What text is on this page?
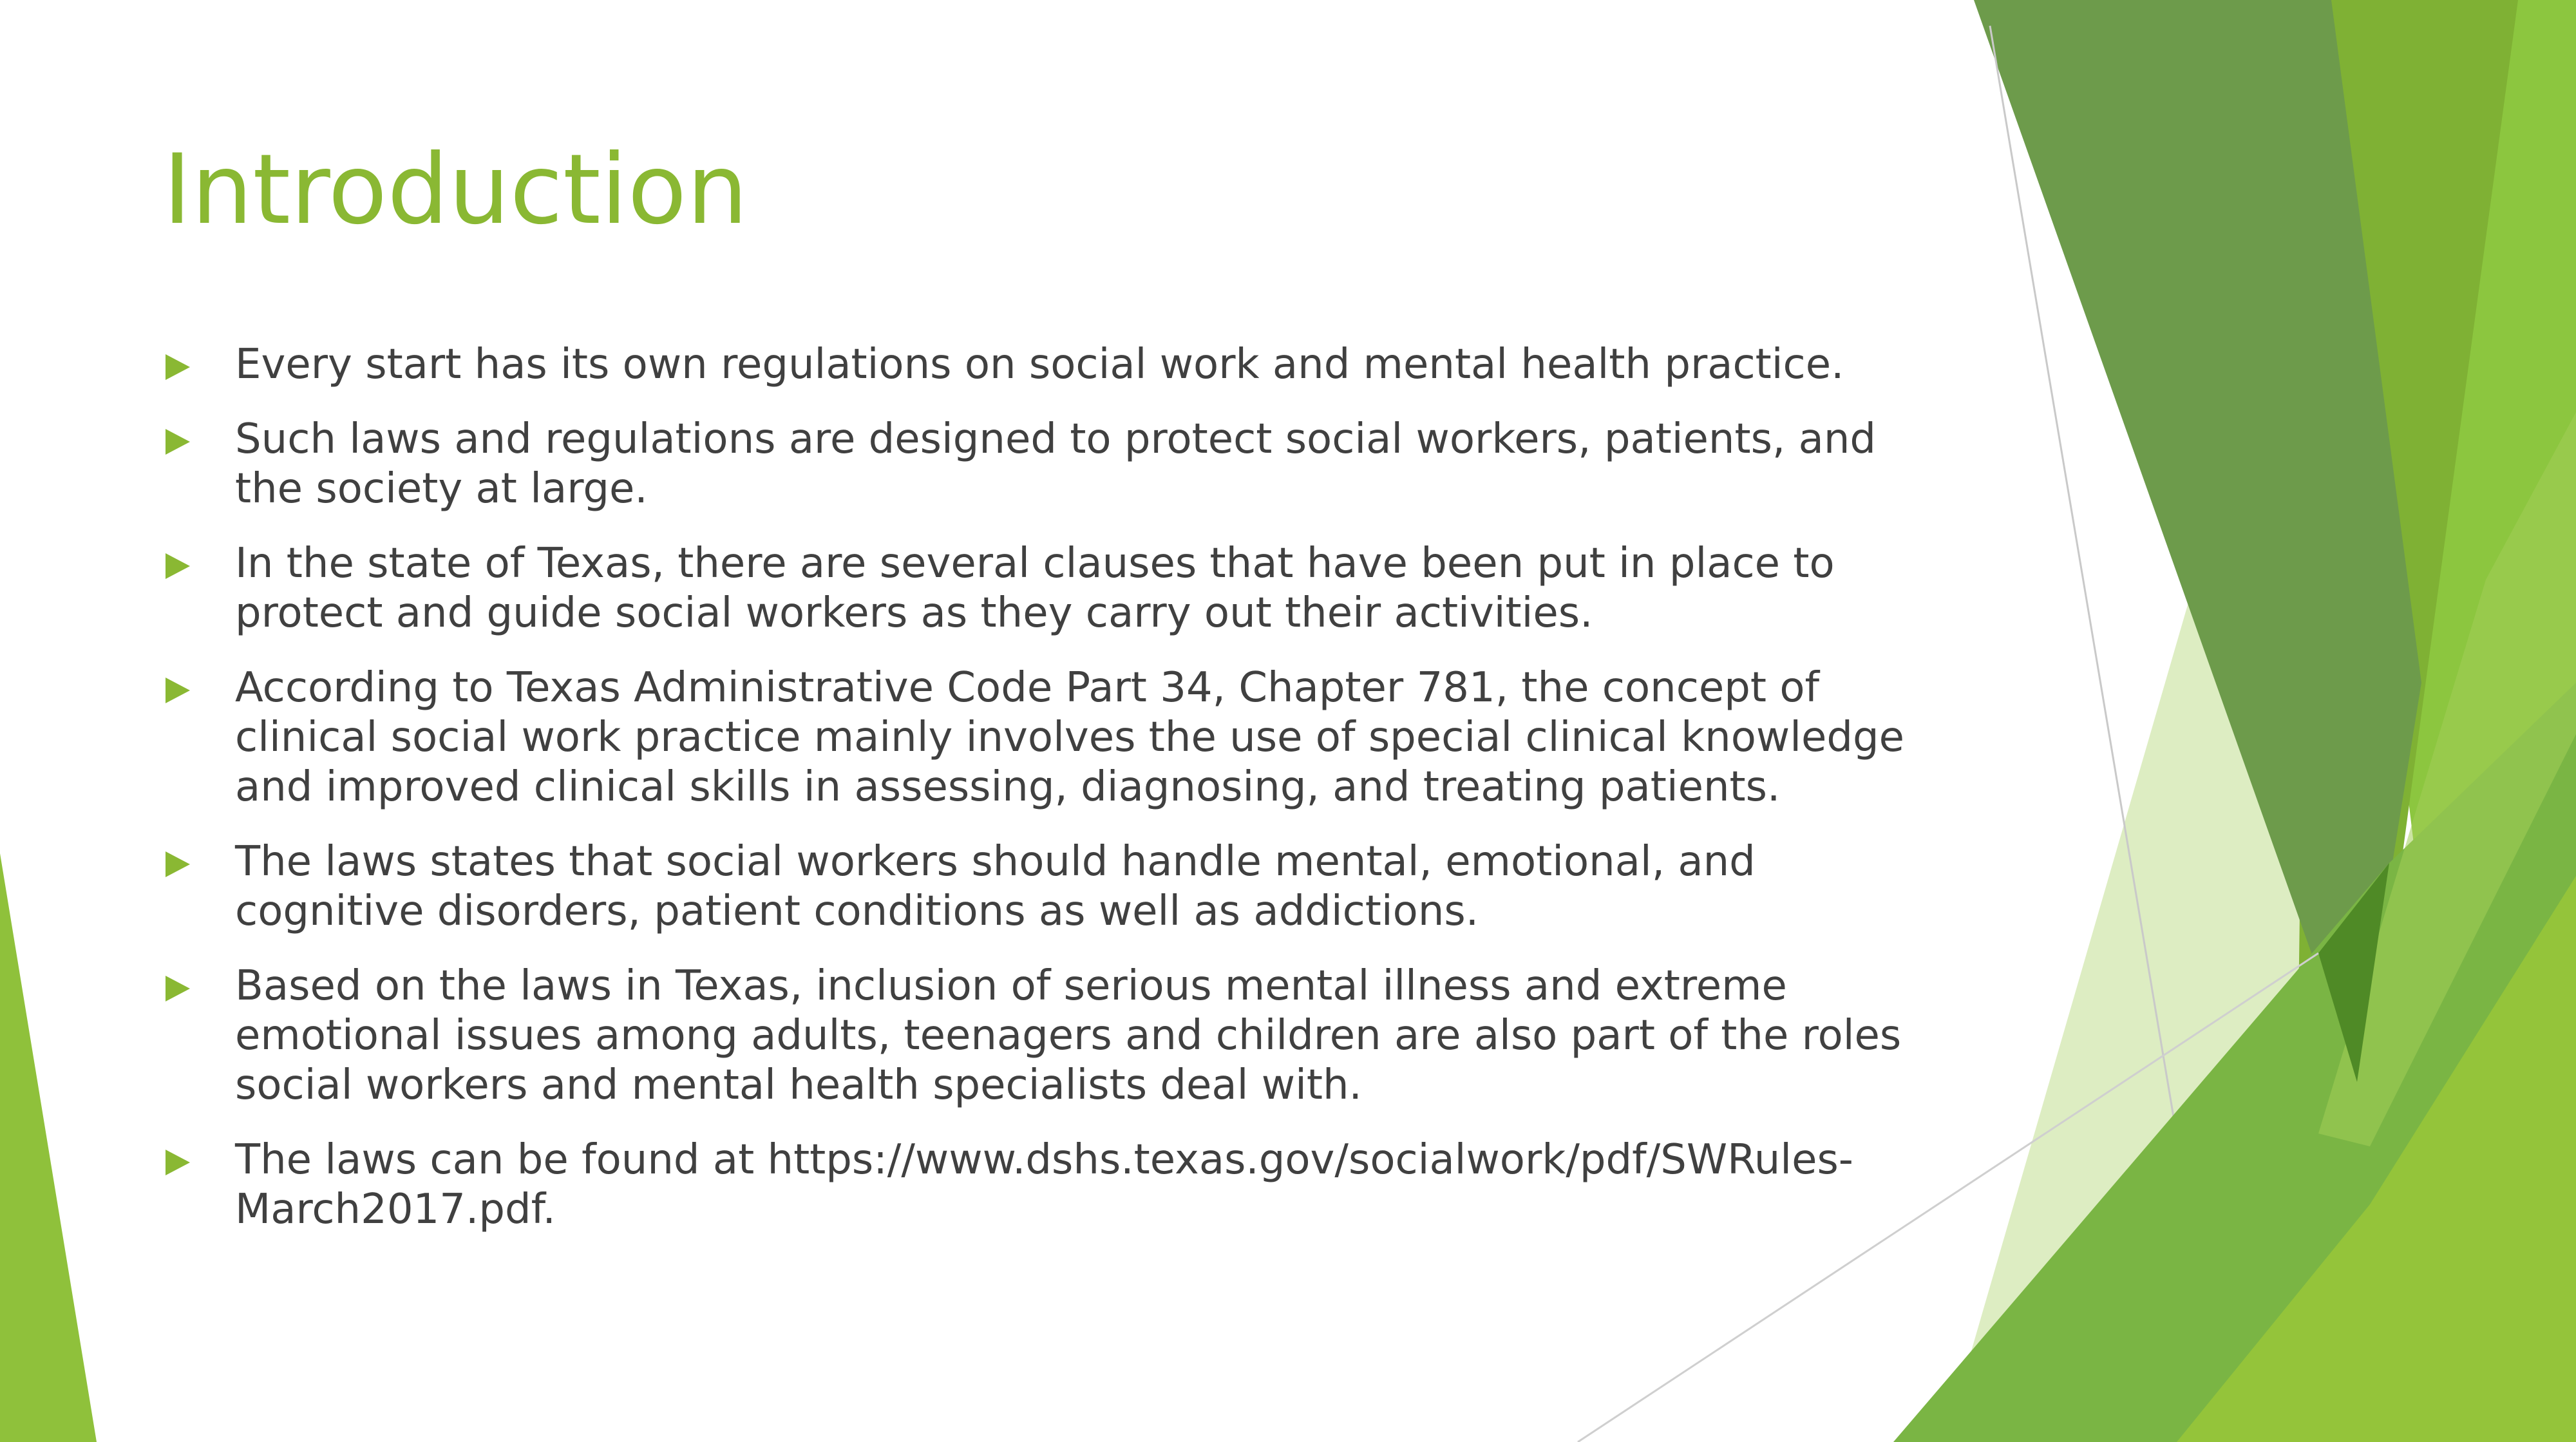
Introduction
Every start has its own regulations on social work and mental health practice.
Such laws and regulations are designed to protect social workers, patients, and the society at large.
In the state of Texas, there are several clauses that have been put in place to protect and guide social workers as they carry out their activities.
According to Texas Administrative Code Part 34, Chapter 781, the concept of clinical social work practice mainly involves the use of special clinical knowledge and improved clinical skills in assessing, diagnosing, and treating patients.
The laws states that social workers should handle mental, emotional, and cognitive disorders, patient conditions as well as addictions.
Based on the laws in Texas, inclusion of serious mental illness and extreme emotional issues among adults, teenagers and children are also part of the roles social workers and mental health specialists deal with.
The laws can be found at https://www.dshs.texas.gov/socialwork/pdf/SWRules-March2017.pdf.
